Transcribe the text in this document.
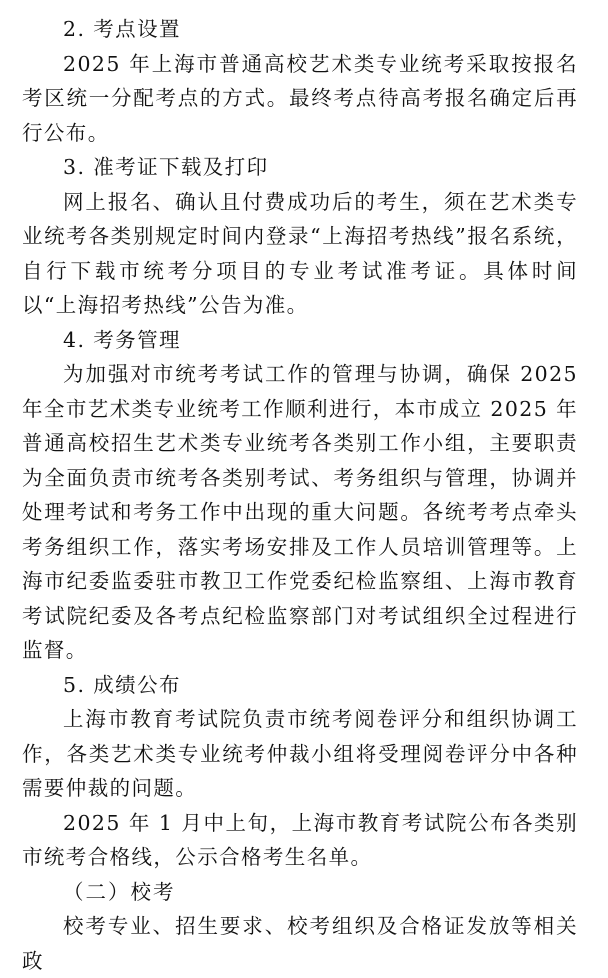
2. 考点设置

2025 年上海市普通高校艺术类专业统考采取按报名考区统一分配考点的方式。最终考点待高考报名确定后再行公布。

3. 准考证下载及打印

网上报名、确认且付费成功后的考生，须在艺术类专业统考各类别规定时间内登录“上海招考热线”报名系统，自行下载市统考分项目的专业考试准考证。具体时间以“上海招考热线”公告为准。

4. 考务管理

为加强对市统考考试工作的管理与协调，确保 2025 年全市艺术类专业统考工作顺利进行，本市成立 2025 年普通高校招生艺术类专业统考各类别工作小组，主要职责为全面负责市统考各类别考试、考务组织与管理，协调并处理考试和考务工作中出现的重大问题。各统考考点牵头考务组织工作，落实考场安排及工作人员培训管理等。上海市纪委监委驻市教卫工作党委纪检监察组、上海市教育考试院纪委及各考点纪检监察部门对考试组织全过程进行监督。

5. 成绩公布

上海市教育考试院负责市统考阅卷评分和组织协调工作，各类艺术类专业统考仲裁小组将受理阅卷评分中各种需要仲裁的问题。

2025 年 1 月中上旬，上海市教育考试院公布各类别市统考合格线，公示合格考生名单。

（二）校考

校考专业、招生要求、校考组织及合格证发放等相关政
